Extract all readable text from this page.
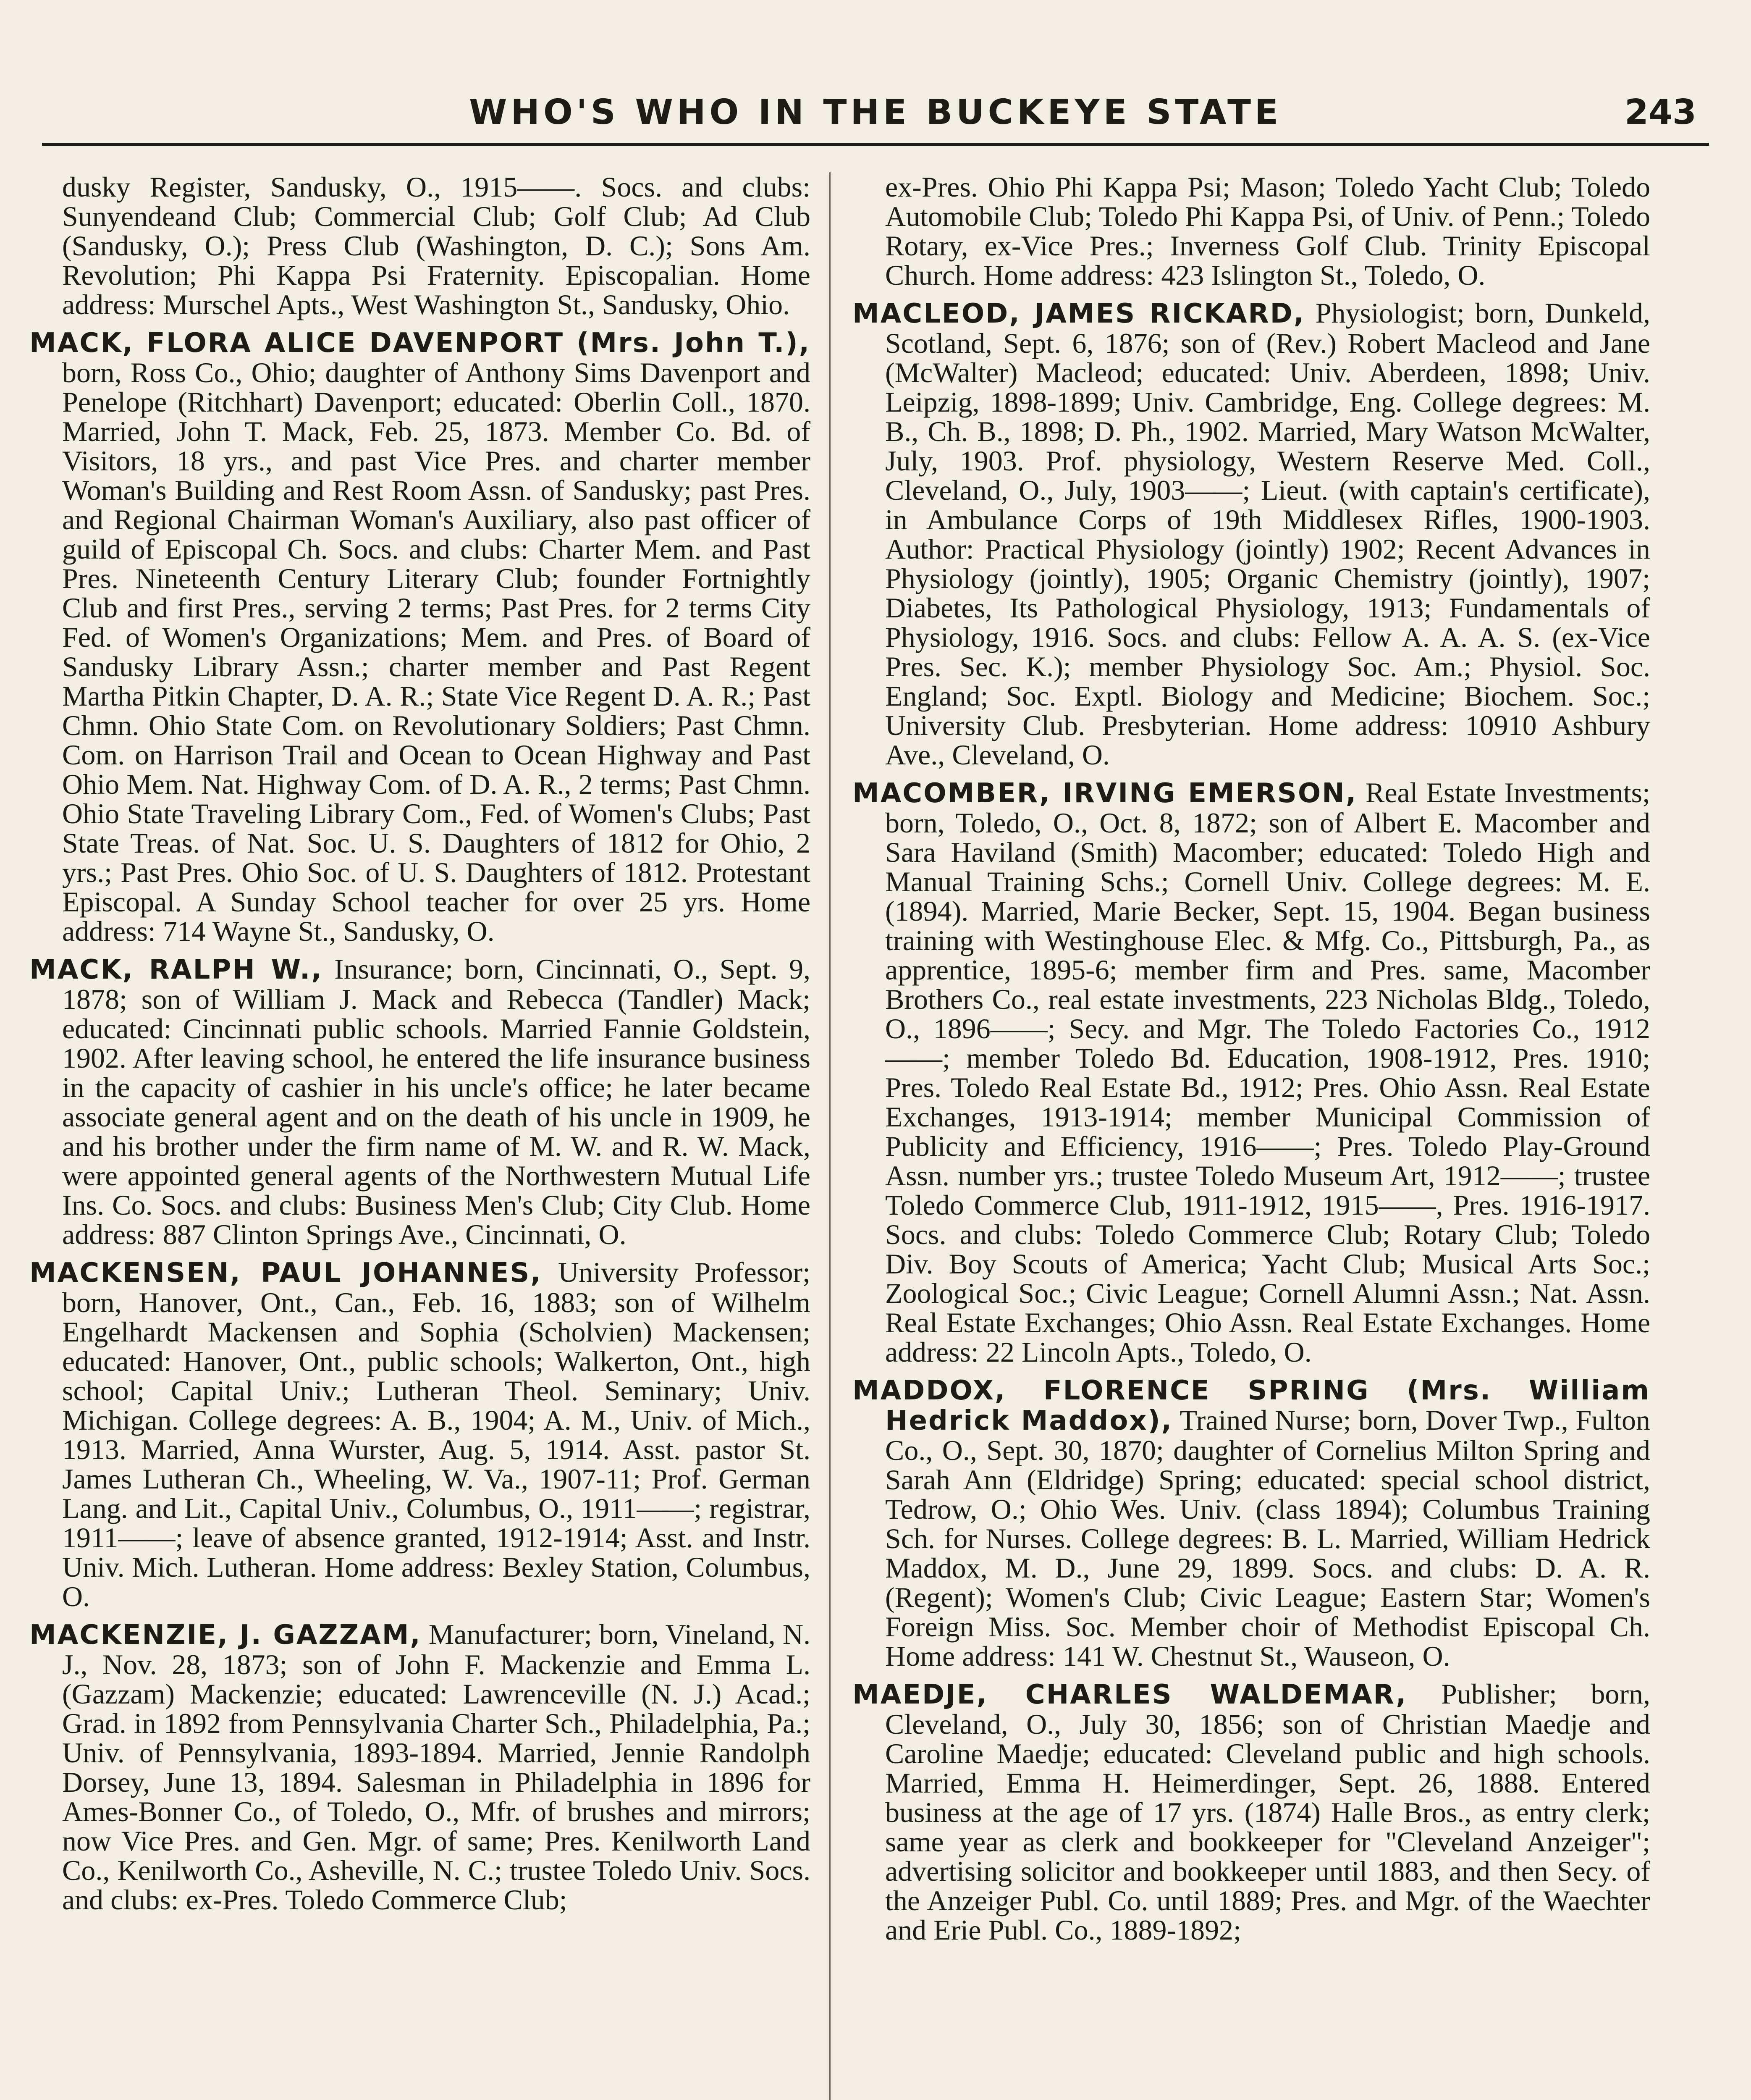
WHO'S WHO IN THE BUCKEYE STATE	243

dusky Register, Sandusky, O., 1915——. Socs. and clubs: Sunyendeand Club; Commercial Club; Golf Club; Ad Club (Sandusky, O.); Press Club (Washington, D. C.); Sons Am. Revolution; Phi Kappa Psi Fraternity. Episcopalian. Home address: Murschel Apts., West Washington St., Sandusky, Ohio.

MACK, FLORA ALICE DAVENPORT (Mrs. John T.), born, Ross Co., Ohio; daughter of Anthony Sims Davenport and Penelope (Ritchhart) Davenport; educated: Oberlin Coll., 1870. Married, John T. Mack, Feb. 25, 1873. Member Co. Bd. of Visitors, 18 yrs., and past Vice Pres. and charter member Woman's Building and Rest Room Assn. of Sandusky; past Pres. and Regional Chairman Woman's Auxiliary, also past officer of guild of Episcopal Ch. Socs. and clubs: Charter Mem. and Past Pres. Nineteenth Century Literary Club; founder Fortnightly Club and first Pres., serving 2 terms; Past Pres. for 2 terms City Fed. of Women's Organizations; Mem. and Pres. of Board of Sandusky Library Assn.; charter member and Past Regent Martha Pitkin Chapter, D. A. R.; State Vice Regent D. A. R.; Past Chmn. Ohio State Com. on Revolutionary Soldiers; Past Chmn. Com. on Harrison Trail and Ocean to Ocean Highway and Past Ohio Mem. Nat. Highway Com. of D. A. R., 2 terms; Past Chmn. Ohio State Traveling Library Com., Fed. of Women's Clubs; Past State Treas. of Nat. Soc. U. S. Daughters of 1812 for Ohio, 2 yrs.; Past Pres. Ohio Soc. of U. S. Daughters of 1812. Protestant Episcopal. A Sunday School teacher for over 25 yrs. Home address: 714 Wayne St., Sandusky, O.

MACK, RALPH W., Insurance; born, Cincinnati, O., Sept. 9, 1878; son of William J. Mack and Rebecca (Tandler) Mack; educated: Cincinnati public schools. Married Fannie Goldstein, 1902. After leaving school, he entered the life insurance business in the capacity of cashier in his uncle's office; he later became associate general agent and on the death of his uncle in 1909, he and his brother under the firm name of M. W. and R. W. Mack, were appointed general agents of the Northwestern Mutual Life Ins. Co. Socs. and clubs: Business Men's Club; City Club. Home address: 887 Clinton Springs Ave., Cincinnati, O.

MACKENSEN, PAUL JOHANNES, University Professor; born, Hanover, Ont., Can., Feb. 16, 1883; son of Wilhelm Engelhardt Mackensen and Sophia (Scholvien) Mackensen; educated: Hanover, Ont., public schools; Walkerton, Ont., high school; Capital Univ.; Lutheran Theol. Seminary; Univ. Michigan. College degrees: A. B., 1904; A. M., Univ. of Mich., 1913. Married, Anna Wurster, Aug. 5, 1914. Asst. pastor St. James Lutheran Ch., Wheeling, W. Va., 1907-11; Prof. German Lang. and Lit., Capital Univ., Columbus, O., 1911——; registrar, 1911——; leave of absence granted, 1912-1914; Asst. and Instr. Univ. Mich. Lutheran. Home address: Bexley Station, Columbus, O.

MACKENZIE, J. GAZZAM, Manufacturer; born, Vineland, N. J., Nov. 28, 1873; son of John F. Mackenzie and Emma L. (Gazzam) Mackenzie; educated: Lawrenceville (N. J.) Acad.; Grad. in 1892 from Pennsylvania Charter Sch., Philadelphia, Pa.; Univ. of Pennsylvania, 1893-1894. Married, Jennie Randolph Dorsey, June 13, 1894. Salesman in Philadelphia in 1896 for Ames-Bonner Co., of Toledo, O., Mfr. of brushes and mirrors; now Vice Pres. and Gen. Mgr. of same; Pres. Kenilworth Land Co., Kenilworth Co., Asheville, N. C.; trustee Toledo Univ. Socs. and clubs: ex-Pres. Toledo Commerce Club;

ex-Pres. Ohio Phi Kappa Psi; Mason; Toledo Yacht Club; Toledo Automobile Club; Toledo Phi Kappa Psi, of Univ. of Penn.; Toledo Rotary, ex-Vice Pres.; Inverness Golf Club. Trinity Episcopal Church. Home address: 423 Islington St., Toledo, O.

MACLEOD, JAMES RICKARD, Physiologist; born, Dunkeld, Scotland, Sept. 6, 1876; son of (Rev.) Robert Macleod and Jane (McWalter) Macleod; educated: Univ. Aberdeen, 1898; Univ. Leipzig, 1898-1899; Univ. Cambridge, Eng. College degrees: M. B., Ch. B., 1898; D. Ph., 1902. Married, Mary Watson McWalter, July, 1903. Prof. physiology, Western Reserve Med. Coll., Cleveland, O., July, 1903——; Lieut. (with captain's certificate), in Ambulance Corps of 19th Middlesex Rifles, 1900-1903. Author: Practical Physiology (jointly) 1902; Recent Advances in Physiology (jointly), 1905; Organic Chemistry (jointly), 1907; Diabetes, Its Pathological Physiology, 1913; Fundamentals of Physiology, 1916. Socs. and clubs: Fellow A. A. A. S. (ex-Vice Pres. Sec. K.); member Physiology Soc. Am.; Physiol. Soc. England; Soc. Exptl. Biology and Medicine; Biochem. Soc.; University Club. Presbyterian. Home address: 10910 Ashbury Ave., Cleveland, O.

MACOMBER, IRVING EMERSON, Real Estate Investments; born, Toledo, O., Oct. 8, 1872; son of Albert E. Macomber and Sara Haviland (Smith) Macomber; educated: Toledo High and Manual Training Schs.; Cornell Univ. College degrees: M. E. (1894). Married, Marie Becker, Sept. 15, 1904. Began business training with Westinghouse Elec. & Mfg. Co., Pittsburgh, Pa., as apprentice, 1895-6; member firm and Pres. same, Macomber Brothers Co., real estate investments, 223 Nicholas Bldg., Toledo, O., 1896——; Secy. and Mgr. The Toledo Factories Co., 1912——; member Toledo Bd. Education, 1908-1912, Pres. 1910; Pres. Toledo Real Estate Bd., 1912; Pres. Ohio Assn. Real Estate Exchanges, 1913-1914; member Municipal Commission of Publicity and Efficiency, 1916——; Pres. Toledo Play-Ground Assn. number yrs.; trustee Toledo Museum Art, 1912——; trustee Toledo Commerce Club, 1911-1912, 1915——, Pres. 1916-1917. Socs. and clubs: Toledo Commerce Club; Rotary Club; Toledo Div. Boy Scouts of America; Yacht Club; Musical Arts Soc.; Zoological Soc.; Civic League; Cornell Alumni Assn.; Nat. Assn. Real Estate Exchanges; Ohio Assn. Real Estate Exchanges. Home address: 22 Lincoln Apts., Toledo, O.

MADDOX, FLORENCE SPRING (Mrs. William Hedrick Maddox), Trained Nurse; born, Dover Twp., Fulton Co., O., Sept. 30, 1870; daughter of Cornelius Milton Spring and Sarah Ann (Eldridge) Spring; educated: special school district, Tedrow, O.; Ohio Wes. Univ. (class 1894); Columbus Training Sch. for Nurses. College degrees: B. L. Married, William Hedrick Maddox, M. D., June 29, 1899. Socs. and clubs: D. A. R. (Regent); Women's Club; Civic League; Eastern Star; Women's Foreign Miss. Soc. Member choir of Methodist Episcopal Ch. Home address: 141 W. Chestnut St., Wauseon, O.

MAEDJE, CHARLES WALDEMAR, Publisher; born, Cleveland, O., July 30, 1856; son of Christian Maedje and Caroline Maedje; educated: Cleveland public and high schools. Married, Emma H. Heimerdinger, Sept. 26, 1888. Entered business at the age of 17 yrs. (1874) Halle Bros., as entry clerk; same year as clerk and bookkeeper for "Cleveland Anzeiger"; advertising solicitor and bookkeeper until 1883, and then Secy. of the Anzeiger Publ. Co. until 1889; Pres. and Mgr. of the Waechter and Erie Publ. Co., 1889-1892;
